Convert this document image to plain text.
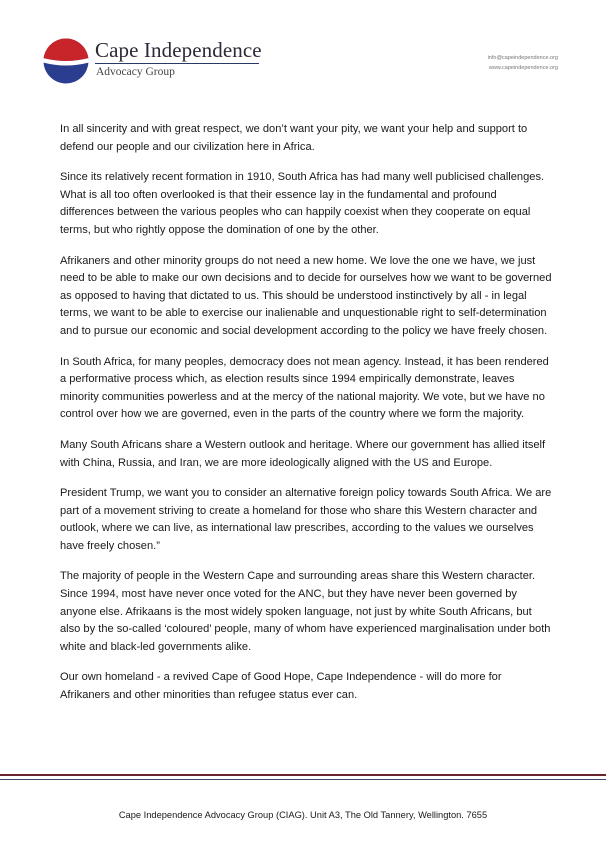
Cape Independence
Advocacy Group
info@capeindependence.org
www.capeindependence.org

In all sincerity and with great respect, we don’t want your pity, we want your help and support to defend our people and our civilization here in Africa.

Since its relatively recent formation in 1910, South Africa has had many well publicised challenges. What is all too often overlooked is that their essence lay in the fundamental and profound differences between the various peoples who can happily coexist when they cooperate on equal terms, but who rightly oppose the domination of one by the other.

Afrikaners and other minority groups do not need a new home. We love the one we have, we just need to be able to make our own decisions and to decide for ourselves how we want to be governed as opposed to having that dictated to us. This should be understood instinctively by all - in legal terms, we want to be able to exercise our inalienable and unquestionable right to self-determination and to pursue our economic and social development according to the policy we have freely chosen.

In South Africa, for many peoples, democracy does not mean agency. Instead, it has been rendered a performative process which, as election results since 1994 empirically demonstrate, leaves minority communities powerless and at the mercy of the national majority. We vote, but we have no control over how we are governed, even in the parts of the country where we form the majority.

Many South Africans share a Western outlook and heritage. Where our government has allied itself with China, Russia, and Iran, we are more ideologically aligned with the US and Europe.

President Trump, we want you to consider an alternative foreign policy towards South Africa. We are part of a movement striving to create a homeland for those who share this Western character and outlook, where we can live, as international law prescribes, according to the values we ourselves have freely chosen.”

The majority of people in the Western Cape and surrounding areas share this Western character. Since 1994, most have never once voted for the ANC, but they have never been governed by anyone else. Afrikaans is the most widely spoken language, not just by white South Africans, but also by the so-called ‘coloured’ people, many of whom have experienced marginalisation under both white and black-led governments alike.

Our own homeland - a revived Cape of Good Hope, Cape Independence - will do more for Afrikaners and other minorities than refugee status ever can.

Cape Independence Advocacy Group (CIAG). Unit A3, The Old Tannery, Wellington. 7655
